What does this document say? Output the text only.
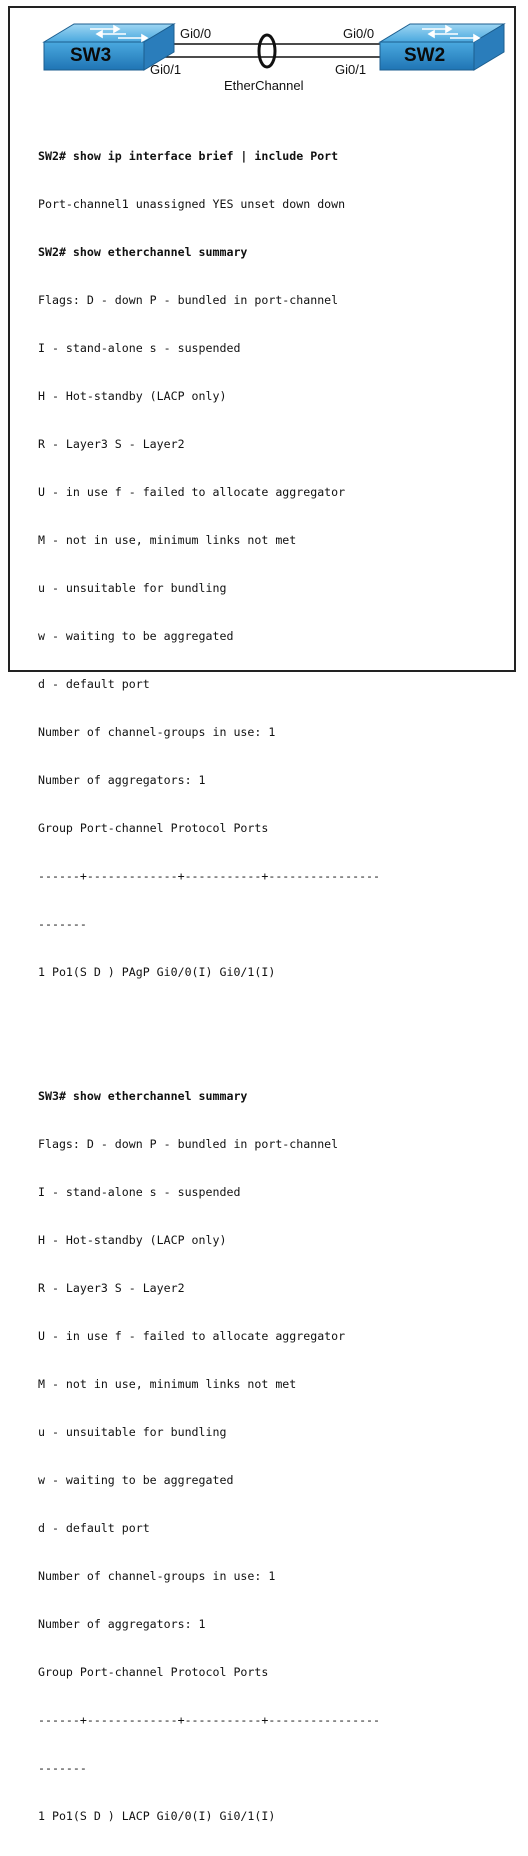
SW3	SW2
Gi0/0
Gi0/1
Gi0/0
Gi0/1
EtherChannel

SW2# show ip interface brief | include Port

Port-channel1 unassigned YES unset down down

SW2# show etherchannel summary

Flags: D - down P - bundled in port-channel

I - stand-alone s - suspended

H - Hot-standby (LACP only)

R - Layer3 S - Layer2

U - in use f - failed to allocate aggregator

M - not in use, minimum links not met

u - unsuitable for bundling

w - waiting to be aggregated

d - default port

Number of channel-groups in use: 1

Number of aggregators: 1

Group Port-channel Protocol Ports

------+-------------+-----------+----------------

-------

1 Po1(S D ) PAgP Gi0/0(I) Gi0/1(I)

SW3# show etherchannel summary

Flags: D - down P - bundled in port-channel

I - stand-alone s - suspended

H - Hot-standby (LACP only)

R - Layer3 S - Layer2

U - in use f - failed to allocate aggregator

M - not in use, minimum links not met

u - unsuitable for bundling

w - waiting to be aggregated

d - default port

Number of channel-groups in use: 1

Number of aggregators: 1

Group Port-channel Protocol Ports

------+-------------+-----------+----------------

-------

1 Po1(S D ) LACP Gi0/0(I) Gi0/1(I)
